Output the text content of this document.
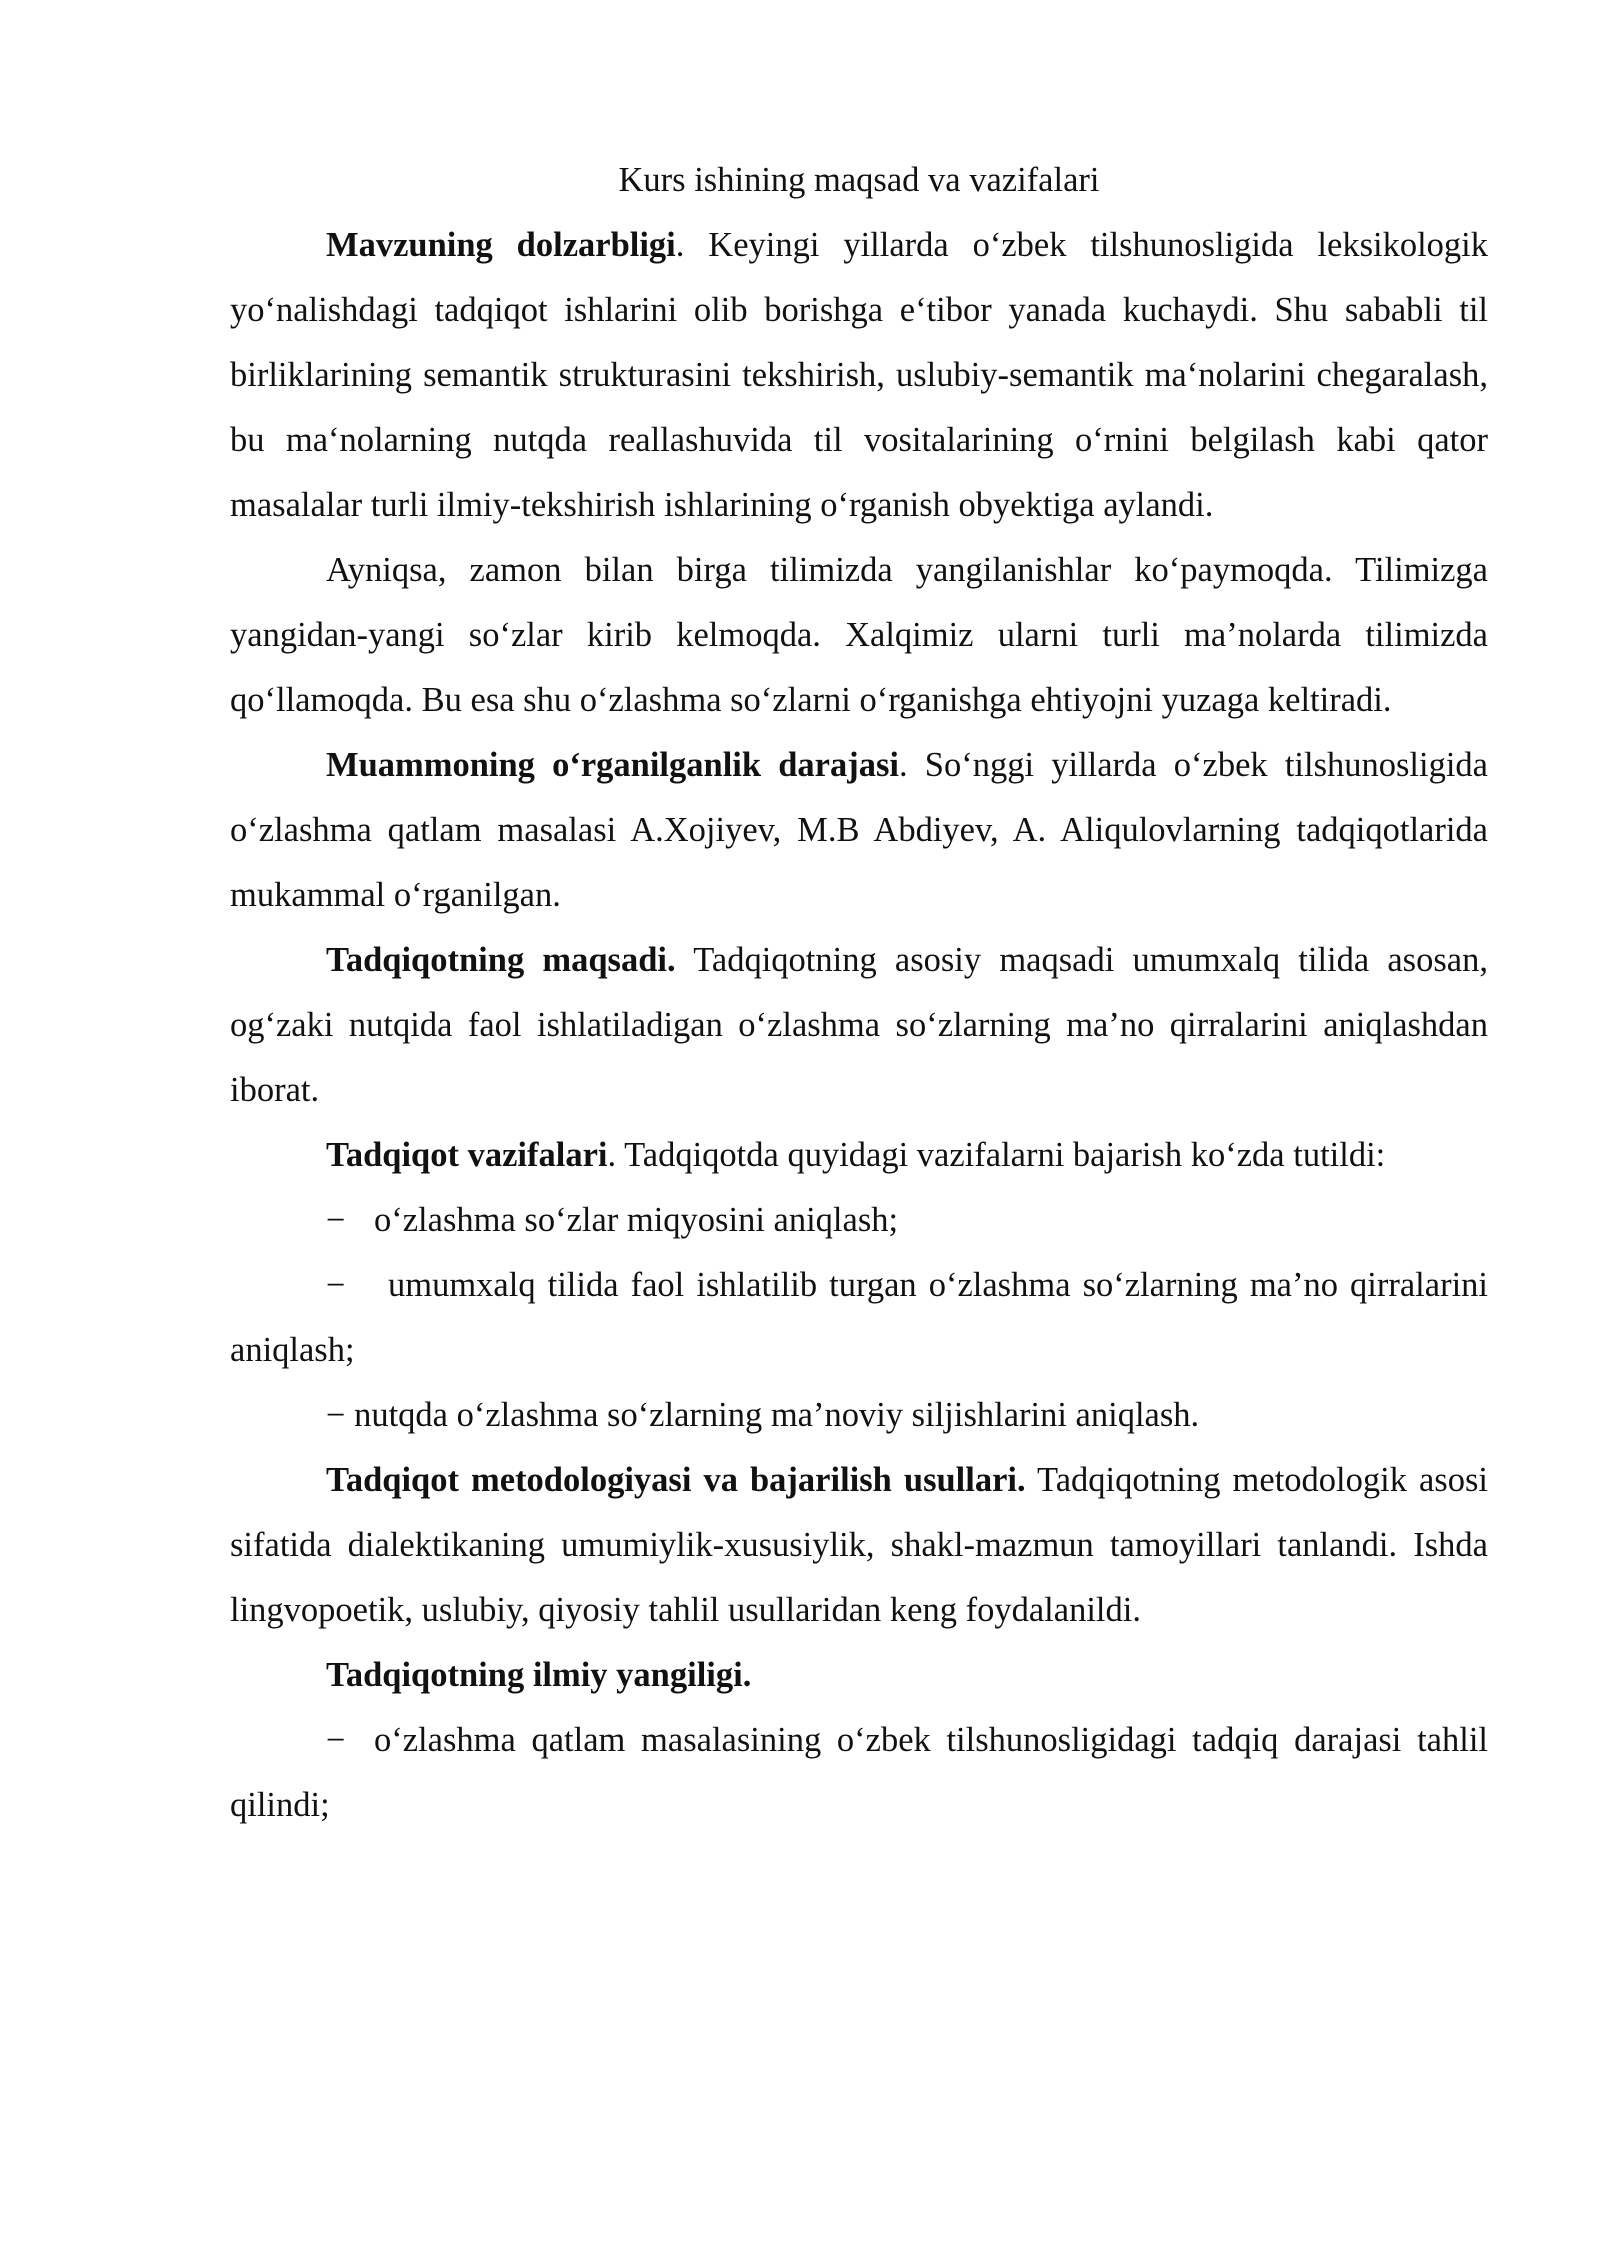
Kurs ishining maqsad va vazifalari

Mavzuning dolzarbligi. Keyingi yillarda oʻzbek tilshunosligida leksikologik yoʻnalishdagi tadqiqot ishlarini olib borishga eʻtibor yanada kuchaydi. Shu sababli til birliklarining semantik strukturasini tekshirish, uslubiy-semantik maʻnolarini chegaralash, bu maʻnolarning nutqda reallashuvida til vositalarining oʻrnini belgilash kabi qator masalalar turli ilmiy-tekshirish ishlarining oʻrganish obyektiga aylandi.

Ayniqsa, zamon bilan birga tilimizda yangilanishlar koʻpaymoqda. Tilimizga yangidan-yangi soʻzlar kirib kelmoqda. Xalqimiz ularni turli ma’nolarda tilimizda qoʻllamoqda. Bu esa shu oʻzlashma soʻzlarni oʻrganishga ehtiyojni yuzaga keltiradi.

Muammoning oʻrganilganlik darajasi. Soʻnggi yillarda oʻzbek tilshunosligida oʻzlashma qatlam masalasi A.Xojiyev, M.B Abdiyev, A. Aliqulovlarning tadqiqotlarida mukammal oʻrganilgan.

Tadqiqotning maqsadi. Tadqiqotning asosiy maqsadi umumxalq tilida asosan, ogʻzaki nutqida faol ishlatiladigan oʻzlashma soʻzlarning ma’no qirralarini aniqlashdan iborat.

Tadqiqot vazifalari. Tadqiqotda quyidagi vazifalarni bajarish koʻzda tutildi:

− oʻzlashma soʻzlar miqyosini aniqlash;

− umumxalq tilida faol ishlatilib turgan oʻzlashma soʻzlarning ma’no qirralarini aniqlash;

− nutqda oʻzlashma soʻzlarning ma’noviy siljishlarini aniqlash.

Tadqiqot metodologiyasi va bajarilish usullari. Tadqiqotning metodologik asosi sifatida dialektikaning umumiylik-xususiylik, shakl-mazmun tamoyillari tanlandi. Ishda lingvopoetik, uslubiy, qiyosiy tahlil usullaridan keng foydalanildi.

Tadqiqotning ilmiy yangiligi.

− oʻzlashma qatlam masalasining oʻzbek tilshunosligidagi tadqiq darajasi tahlil qilindi;
